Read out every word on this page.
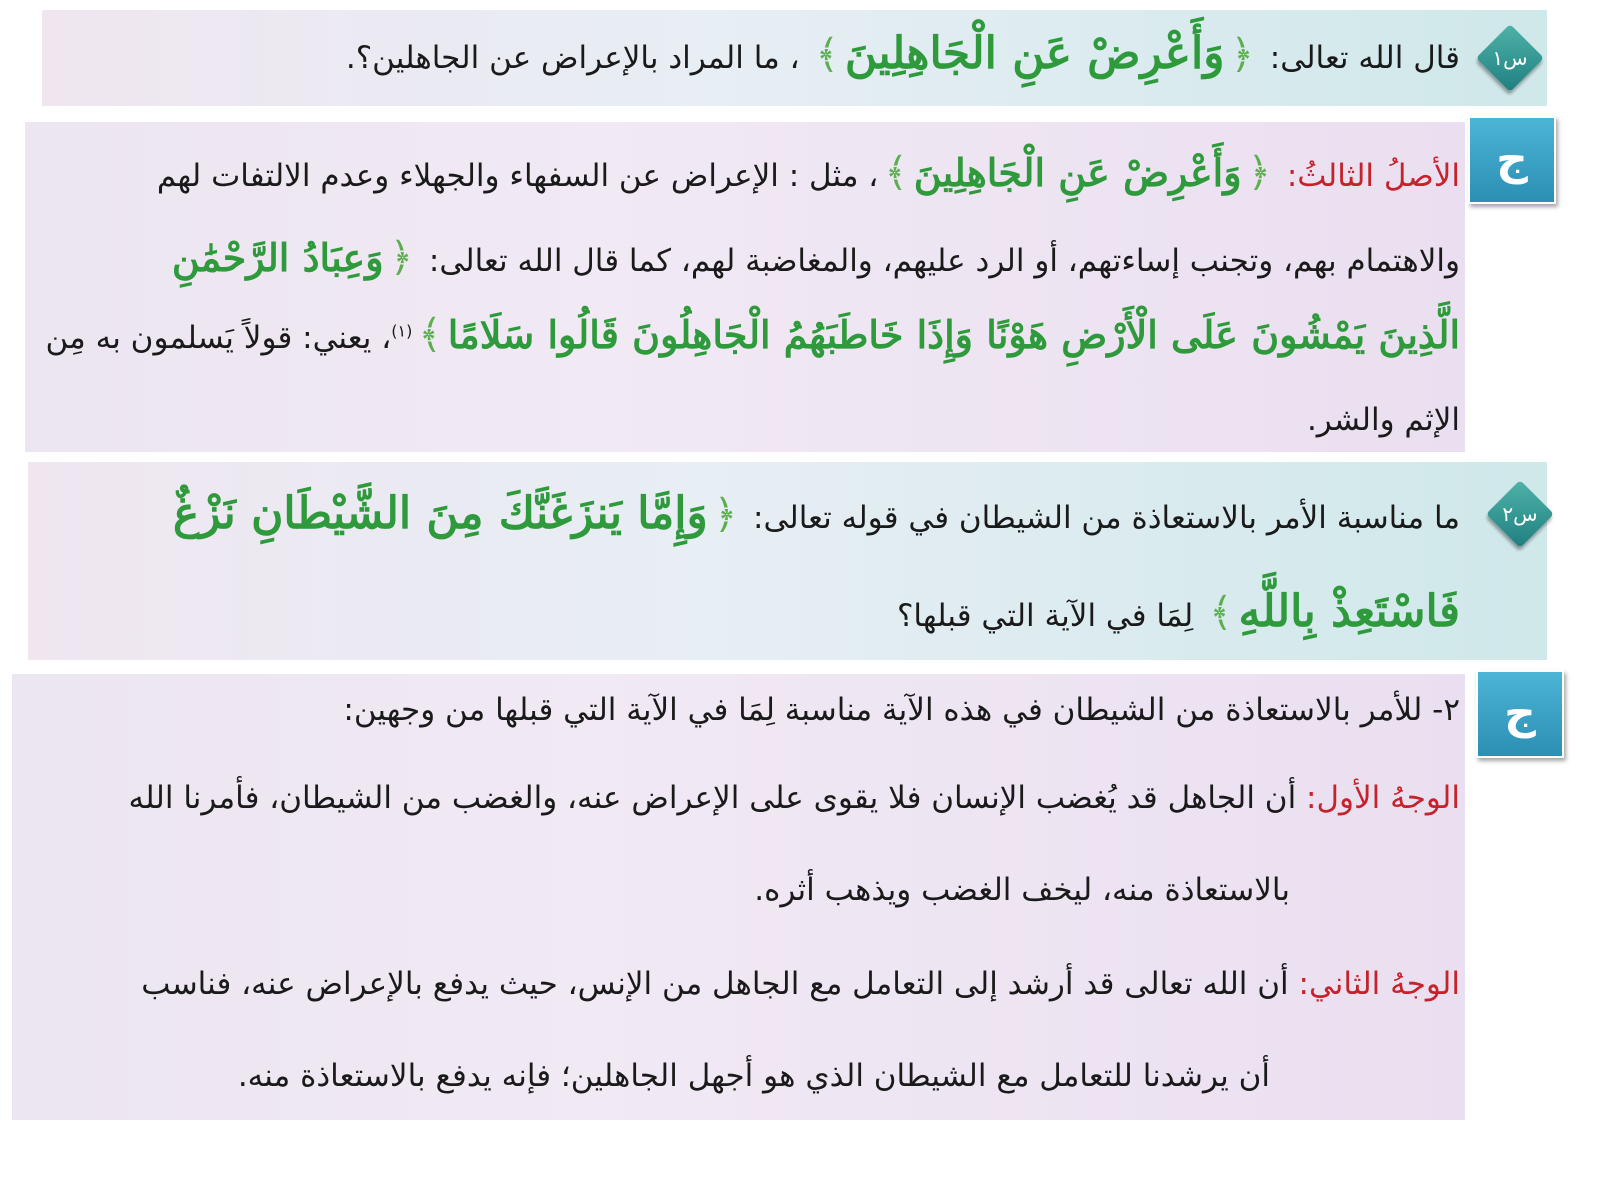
س١
قال الله تعالى: ﴿وَأَعْرِضْ عَنِ الْجَاهِلِينَ﴾ ، ما المراد بالإعراض عن الجاهلين؟.
ج
الأصلُ الثالثُ: ﴿وَأَعْرِضْ عَنِ الْجَاهِلِينَ﴾، مثل : الإعراض عن السفهاء والجهلاء وعدم الالتفات لهم
والاهتمام بهم، وتجنب إساءتهم، أو الرد عليهم، والمغاضبة لهم، كما قال الله تعالى: ﴿وَعِبَادُ الرَّحْمَٰنِ
الَّذِينَ يَمْشُونَ عَلَى الْأَرْضِ هَوْنًا وَإِذَا خَاطَبَهُمُ الْجَاهِلُونَ قَالُوا سَلَامًا﴾$^{(١)}$، يعني: قولاً يَسلمون به مِن
الإثم والشر.
س٢
ما مناسبة الأمر بالاستعاذة من الشيطان في قوله تعالى: ﴿وَإِمَّا يَنزَغَنَّكَ مِنَ الشَّيْطَانِ نَزْغٌ
فَاسْتَعِذْ بِاللَّهِ﴾ لِمَا في الآية التي قبلها؟
ج
٢- للأمر بالاستعاذة من الشيطان في هذه الآية مناسبة لِمَا في الآية التي قبلها من وجهين:
الوجهُ الأول: أن الجاهل قد يُغضب الإنسان فلا يقوى على الإعراض عنه، والغضب من الشيطان، فأمرنا الله
بالاستعاذة منه، ليخف الغضب ويذهب أثره.
الوجهُ الثاني: أن الله تعالى قد أرشد إلى التعامل مع الجاهل من الإنس، حيث يدفع بالإعراض عنه، فناسب
أن يرشدنا للتعامل مع الشيطان الذي هو أجهل الجاهلين؛ فإنه يدفع بالاستعاذة منه.
